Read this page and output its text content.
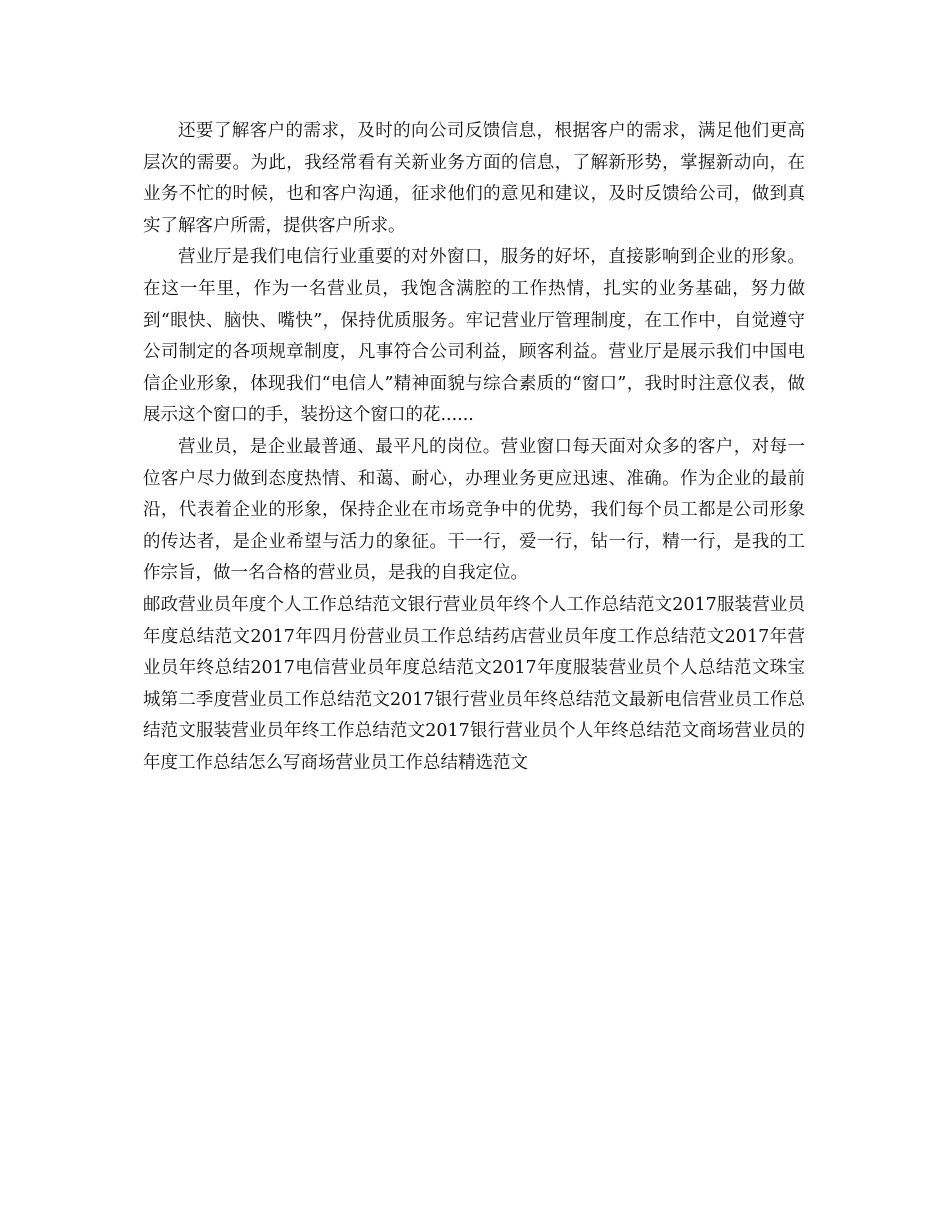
还要了解客户的需求，及时的向公司反馈信息，根据客户的需求，满足他们更高层次的需要。为此，我经常看有关新业务方面的信息，了解新形势，掌握新动向，在业务不忙的时候，也和客户沟通，征求他们的意见和建议，及时反馈给公司，做到真实了解客户所需，提供客户所求。

营业厅是我们电信行业重要的对外窗口，服务的好坏，直接影响到企业的形象。在这一年里，作为一名营业员，我饱含满腔的工作热情，扎实的业务基础，努力做到“眼快、脑快、嘴快”，保持优质服务。牢记营业厅管理制度，在工作中，自觉遵守公司制定的各项规章制度，凡事符合公司利益，顾客利益。营业厅是展示我们中国电信企业形象，体现我们“电信人”精神面貌与综合素质的“窗口”，我时时注意仪表，做展示这个窗口的手，装扮这个窗口的花......

营业员，是企业最普通、最平凡的岗位。营业窗口每天面对众多的客户，对每一位客户尽力做到态度热情、和蔼、耐心，办理业务更应迅速、准确。作为企业的最前沿，代表着企业的形象，保持企业在市场竞争中的优势，我们每个员工都是公司形象的传达者，是企业希望与活力的象征。干一行，爱一行，钻一行，精一行，是我的工作宗旨，做一名合格的营业员，是我的自我定位。

邮政营业员年度个人工作总结范文银行营业员年终个人工作总结范文2017服装营业员年度总结范文2017年四月份营业员工作总结药店营业员年度工作总结范文2017年营业员年终总结2017电信营业员年度总结范文2017年度服装营业员个人总结范文珠宝城第二季度营业员工作总结范文2017银行营业员年终总结范文最新电信营业员工作总结范文服装营业员年终工作总结范文2017银行营业员个人年终总结范文商场营业员的年度工作总结怎么写商场营业员工作总结精选范文
